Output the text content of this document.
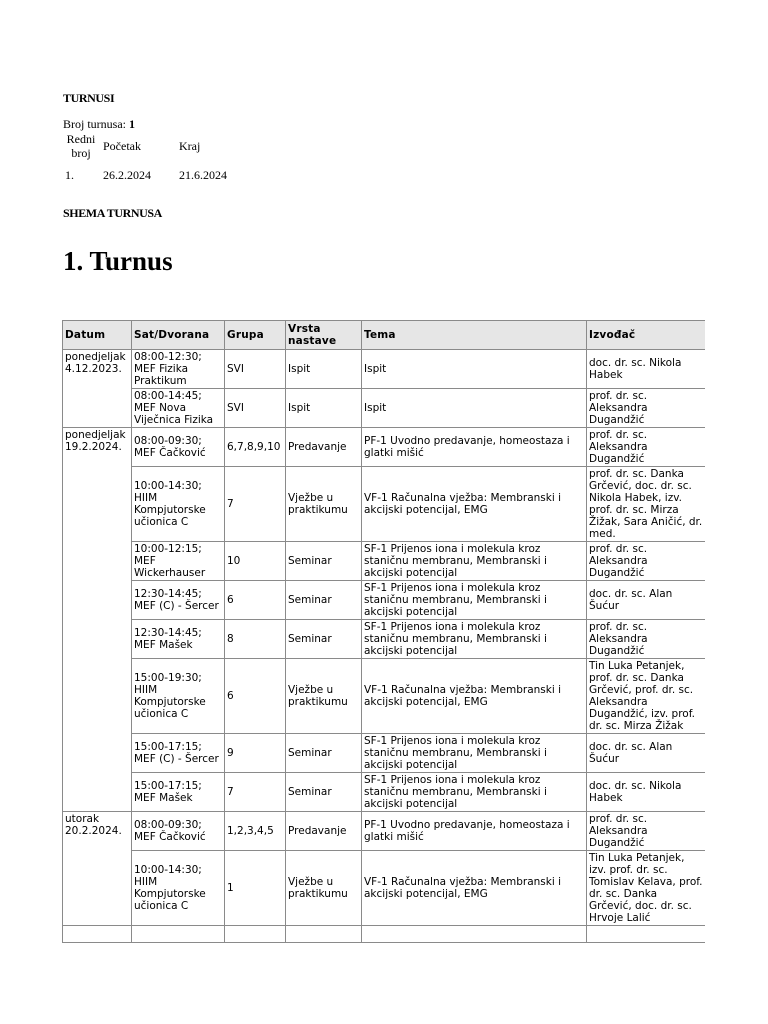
TURNUSI

Broj turnusa: 1

Redni
broj	Početak	Kraj
1.	26.2.2024	21.6.2024
SHEMA TURNUSA
1. Turnus
Datum	Sat/Dvorana	Grupa	Vrsta nastave	Tema	Izvođač
ponedjeljak 4.12.2023.	08:00-12:30; MEF Fizika Praktikum	SVI	Ispit	Ispit	doc. dr. sc. Nikola Habek
	08:00-14:45; MEF Nova Viječnica Fizika	SVI	Ispit	Ispit	prof. dr. sc. Aleksandra Dugandžić
ponedjeljak 19.2.2024.	08:00-09:30; MEF Čačković	6,7,8,9,10	Predavanje	PF-1 Uvodno predavanje, homeostaza i glatki mišić	prof. dr. sc. Aleksandra Dugandžić
	10:00-14:30; HIIM Kompjutorske učionica C	7	Vježbe u praktikumu	VF-1 Računalna vježba: Membranski i akcijski potencijal, EMG	prof. dr. sc. Danka Grčević, doc. dr. sc. Nikola Habek, izv. prof. dr. sc. Mirza Žižak, Sara Aničić, dr. med.
	10:00-12:15; MEF Wickerhauser	10	Seminar	SF-1 Prijenos iona i molekula kroz staničnu membranu, Membranski i akcijski potencijal	prof. dr. sc. Aleksandra Dugandžić
	12:30-14:45; MEF (C) - Šercer	6	Seminar	SF-1 Prijenos iona i molekula kroz staničnu membranu, Membranski i akcijski potencijal	doc. dr. sc. Alan Šućur
	12:30-14:45; MEF Mašek	8	Seminar	SF-1 Prijenos iona i molekula kroz staničnu membranu, Membranski i akcijski potencijal	prof. dr. sc. Aleksandra Dugandžić
	15:00-19:30; HIIM Kompjutorske učionica C	6	Vježbe u praktikumu	VF-1 Računalna vježba: Membranski i akcijski potencijal, EMG	Tin Luka Petanjek, prof. dr. sc. Danka Grčević, prof. dr. sc. Aleksandra Dugandžić, izv. prof. dr. sc. Mirza Žižak
	15:00-17:15; MEF (C) - Šercer	9	Seminar	SF-1 Prijenos iona i molekula kroz staničnu membranu, Membranski i akcijski potencijal	doc. dr. sc. Alan Šućur
	15:00-17:15; MEF Mašek	7	Seminar	SF-1 Prijenos iona i molekula kroz staničnu membranu, Membranski i akcijski potencijal	doc. dr. sc. Nikola Habek
utorak 20.2.2024.	08:00-09:30; MEF Čačković	1,2,3,4,5	Predavanje	PF-1 Uvodno predavanje, homeostaza i glatki mišić	prof. dr. sc. Aleksandra Dugandžić
	10:00-14:30; HIIM Kompjutorske učionica C	1	Vježbe u praktikumu	VF-1 Računalna vježba: Membranski i akcijski potencijal, EMG	Tin Luka Petanjek, izv. prof. dr. sc. Tomislav Kelava, prof. dr. sc. Danka Grčević, doc. dr. sc. Hrvoje Lalić
